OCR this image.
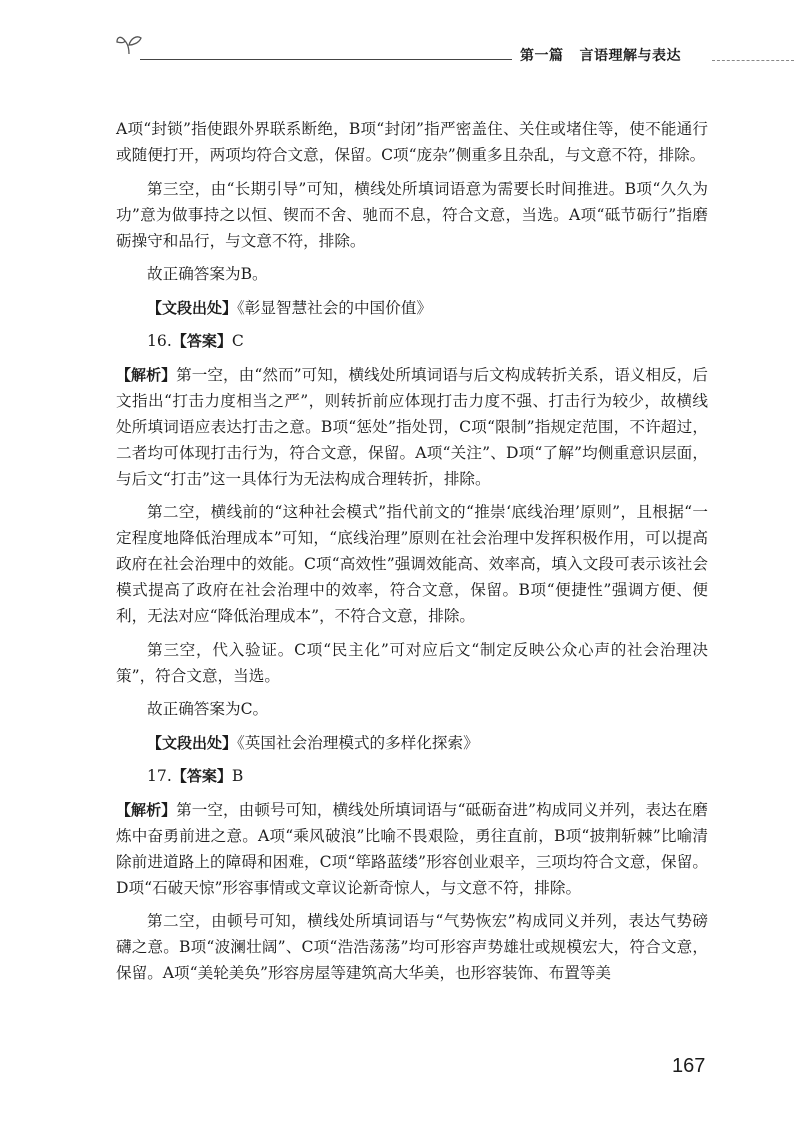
第一篇 言语理解与表达

A项“封锁”指使跟外界联系断绝，B项“封闭”指严密盖住、关住或堵住等，使不能通行或随便打开，两项均符合文意，保留。C项“庞杂”侧重多且杂乱，与文意不符，排除。

第三空，由“长期引导”可知，横线处所填词语意为需要长时间推进。B项“久久为功”意为做事持之以恒、锲而不舍、驰而不息，符合文意，当选。A项“砥节砺行”指磨砺操守和品行，与文意不符，排除。

故正确答案为B。

【文段出处】《彰显智慧社会的中国价值》

16.【答案】C

【解析】第一空，由“然而”可知，横线处所填词语与后文构成转折关系，语义相反，后文指出“打击力度相当之严”，则转折前应体现打击力度不强、打击行为较少，故横线处所填词语应表达打击之意。B项“惩处”指处罚，C项“限制”指规定范围，不许超过，二者均可体现打击行为，符合文意，保留。A项“关注”、D项“了解”均侧重意识层面，与后文“打击”这一具体行为无法构成合理转折，排除。

第二空，横线前的“这种社会模式”指代前文的“推崇‘底线治理’原则”，且根据“一定程度地降低治理成本”可知，“底线治理”原则在社会治理中发挥积极作用，可以提高政府在社会治理中的效能。C项“高效性”强调效能高、效率高，填入文段可表示该社会模式提高了政府在社会治理中的效率，符合文意，保留。B项“便捷性”强调方便、便利，无法对应“降低治理成本”，不符合文意，排除。

第三空，代入验证。C项“民主化”可对应后文“制定反映公众心声的社会治理决策”，符合文意，当选。

故正确答案为C。

【文段出处】《英国社会治理模式的多样化探索》

17.【答案】B

【解析】第一空，由顿号可知，横线处所填词语与“砥砺奋进”构成同义并列，表达在磨炼中奋勇前进之意。A项“乘风破浪”比喻不畏艰险，勇往直前，B项“披荆斩棘”比喻清除前进道路上的障碍和困难，C项“筚路蓝缕”形容创业艰辛，三项均符合文意，保留。D项“石破天惊”形容事情或文章议论新奇惊人，与文意不符，排除。

第二空，由顿号可知，横线处所填词语与“气势恢宏”构成同义并列，表达气势磅礴之意。B项“波澜壮阔”、C项“浩浩荡荡”均可形容声势雄壮或规模宏大，符合文意，保留。A项“美轮美奂”形容房屋等建筑高大华美，也形容装饰、布置等美

167
